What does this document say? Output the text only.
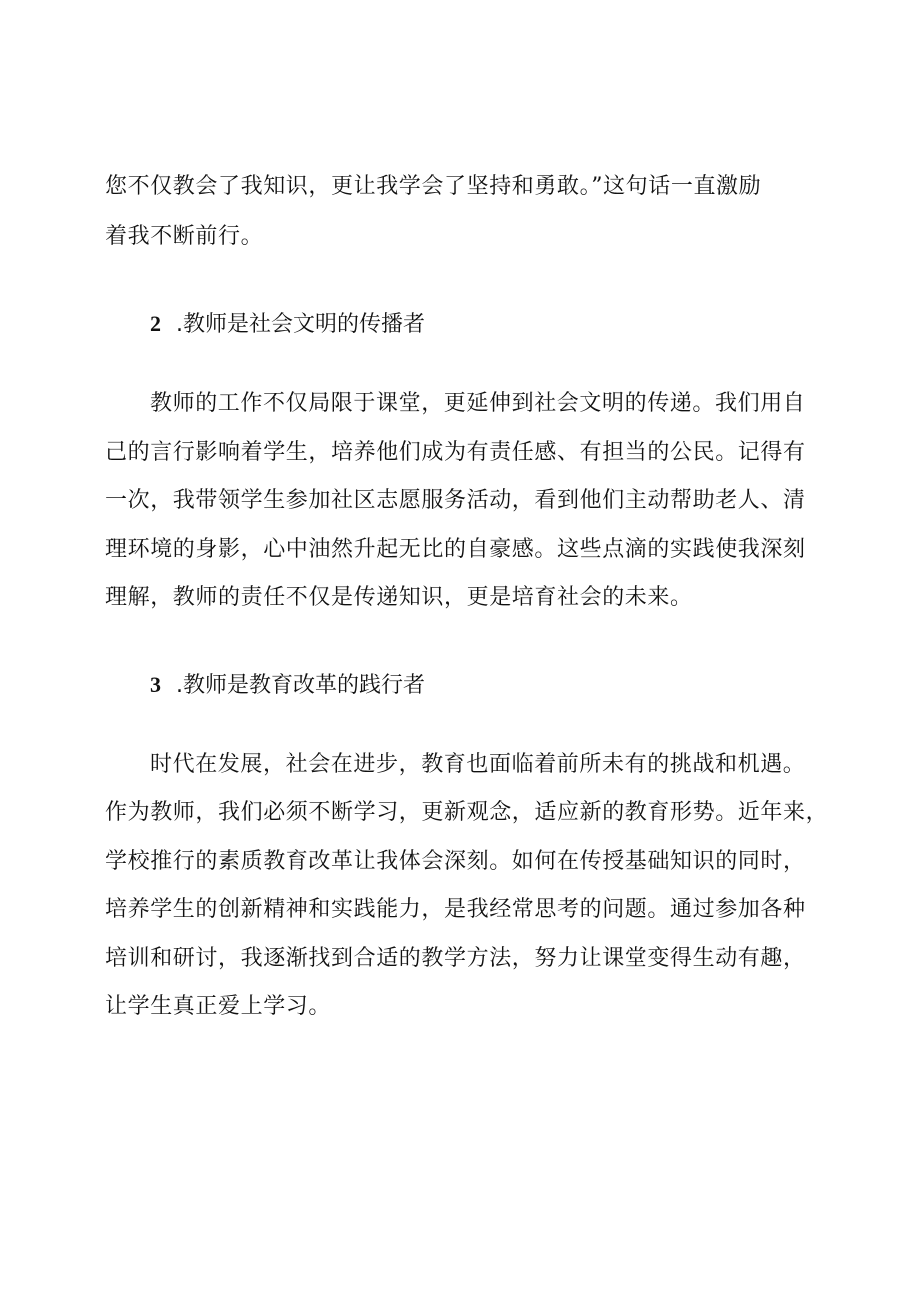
您不仅教会了我知识，更让我学会了坚持和勇敢。”这句话一直激励
着我不断前行。
2 .教师是社会文明的传播者
教师的工作不仅局限于课堂，更延伸到社会文明的传递。我们用自
己的言行影响着学生，培养他们成为有责任感、有担当的公民。记得有
一次，我带领学生参加社区志愿服务活动，看到他们主动帮助老人、清
理环境的身影，心中油然升起无比的自豪感。这些点滴的实践使我深刻
理解，教师的责任不仅是传递知识，更是培育社会的未来。
3 .教师是教育改革的践行者
时代在发展，社会在进步，教育也面临着前所未有的挑战和机遇。
作为教师，我们必须不断学习，更新观念，适应新的教育形势。近年来，
学校推行的素质教育改革让我体会深刻。如何在传授基础知识的同时，
培养学生的创新精神和实践能力，是我经常思考的问题。通过参加各种
培训和研讨，我逐渐找到合适的教学方法，努力让课堂变得生动有趣，
让学生真正爱上学习。
